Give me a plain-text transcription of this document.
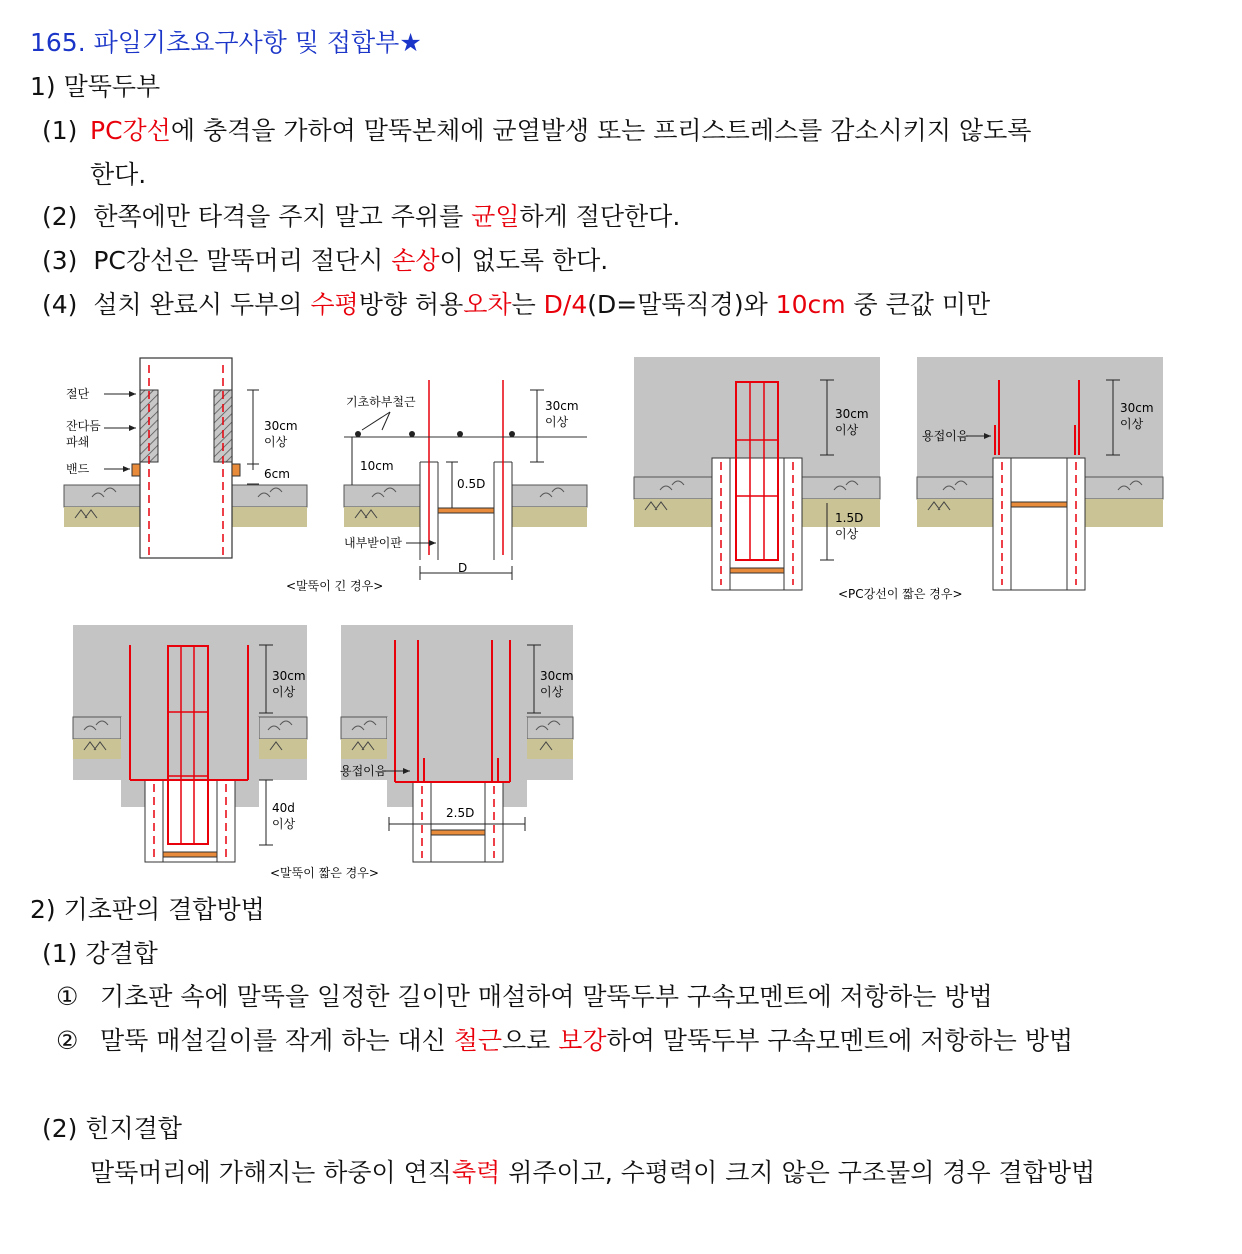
165. 파일기초요구사항 및 접합부★
1) 말뚝두부
(1) PC강선에 충격을 가하여 말뚝본체에 균열발생 또는 프리스트레스를 감소시키지 않도록
한다.
(2) 한쪽에만 타격을 주지 말고 주위를 균일하게 절단한다.
(3) PC강선은 말뚝머리 절단시 손상이 없도록 한다.
(4) 설치 완료시 두부의 수평방향 허용오차는 D/4(D=말뚝직경)와 10cm 중 큰값 미만
절단
잔다듬
파쇄
밴드
30cm
이상
6cm
기초하부철근	30cm
이상
10cm
0.5D
내부받이판
D
<말뚝이 긴 경우>
30cm
이상
1.5D
이상
용접이음
30cm
이상
<PC강선이 짧은 경우>
30cm
이상
40d
이상
용접이음
30cm
이상
2.5D
<말뚝이 짧은 경우>
2) 기초판의 결합방법
(1) 강결합
① 기초판 속에 말뚝을 일정한 길이만 매설하여 말뚝두부 구속모멘트에 저항하는 방법
② 말뚝 매설길이를 작게 하는 대신 철근으로 보강하여 말뚝두부 구속모멘트에 저항하는 방법
(2) 힌지결합
말뚝머리에 가해지는 하중이 연직축력 위주이고, 수평력이 크지 않은 구조물의 경우 결합방법
